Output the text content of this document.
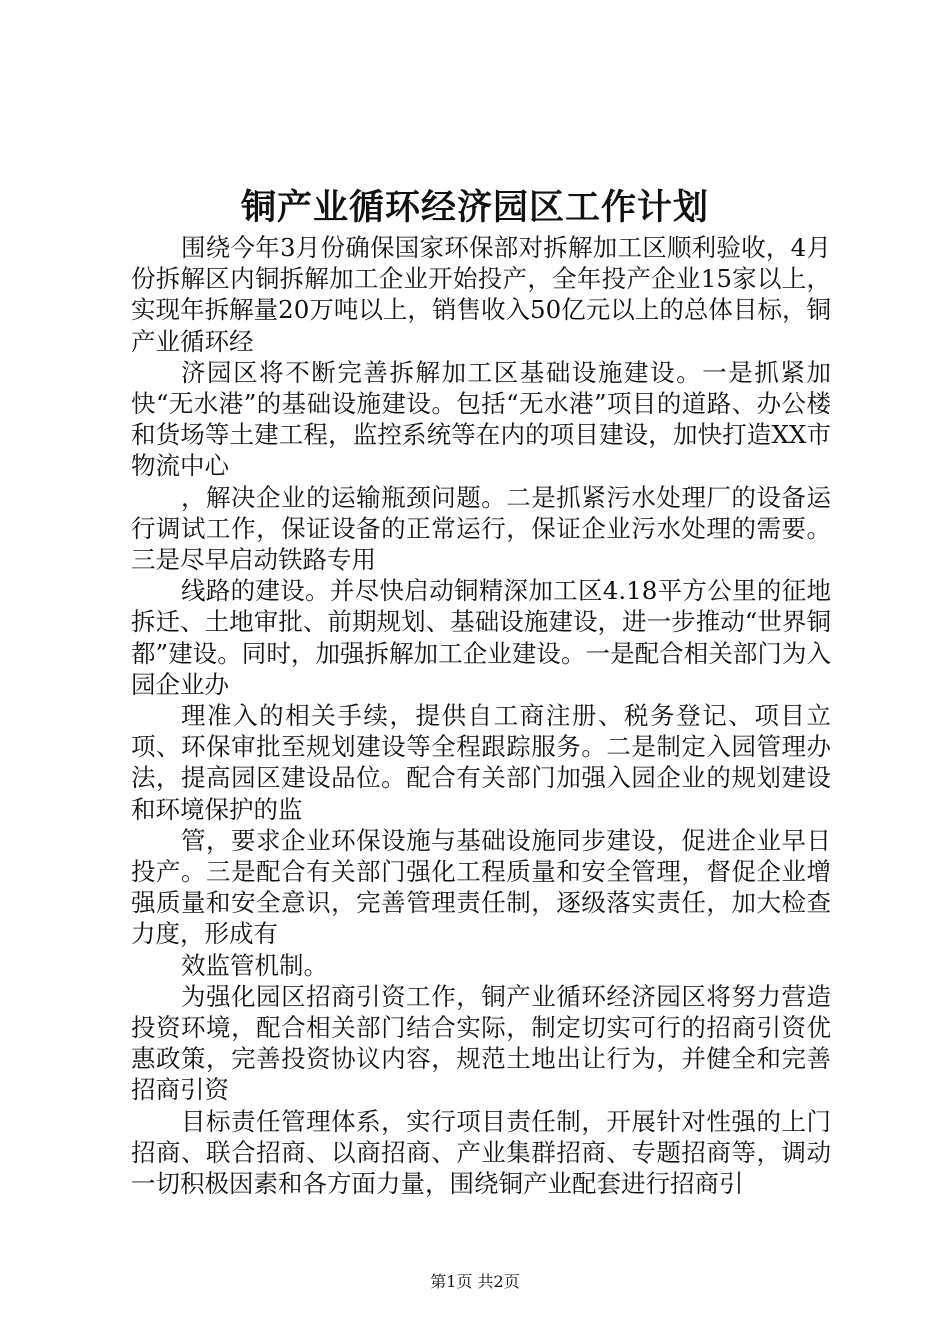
铜产业循环经济园区工作计划

围绕今年3月份确保国家环保部对拆解加工区顺利验收，4月份拆解区内铜拆解加工企业开始投产，全年投产企业15家以上，实现年拆解量20万吨以上，销售收入50亿元以上的总体目标，铜产业循环经

济园区将不断完善拆解加工区基础设施建设。一是抓紧加快“无水港”的基础设施建设。包括“无水港”项目的道路、办公楼和货场等土建工程，监控系统等在内的项目建设，加快打造XX市物流中心

，解决企业的运输瓶颈问题。二是抓紧污水处理厂的设备运行调试工作，保证设备的正常运行，保证企业污水处理的需要。三是尽早启动铁路专用

线路的建设。并尽快启动铜精深加工区4.18平方公里的征地拆迁、土地审批、前期规划、基础设施建设，进一步推动“世界铜都”建设。同时，加强拆解加工企业建设。一是配合相关部门为入园企业办

理准入的相关手续，提供自工商注册、税务登记、项目立项、环保审批至规划建设等全程跟踪服务。二是制定入园管理办法，提高园区建设品位。配合有关部门加强入园企业的规划建设和环境保护的监

管，要求企业环保设施与基础设施同步建设，促进企业早日投产。三是配合有关部门强化工程质量和安全管理，督促企业增强质量和安全意识，完善管理责任制，逐级落实责任，加大检查力度，形成有

效监管机制。

为强化园区招商引资工作，铜产业循环经济园区将努力营造投资环境，配合相关部门结合实际，制定切实可行的招商引资优惠政策，完善投资协议内容，规范土地出让行为，并健全和完善招商引资

目标责任管理体系，实行项目责任制，开展针对性强的上门招商、联合招商、以商招商、产业集群招商、专题招商等，调动一切积极因素和各方面力量，围绕铜产业配套进行招商引

第1页 共2页
